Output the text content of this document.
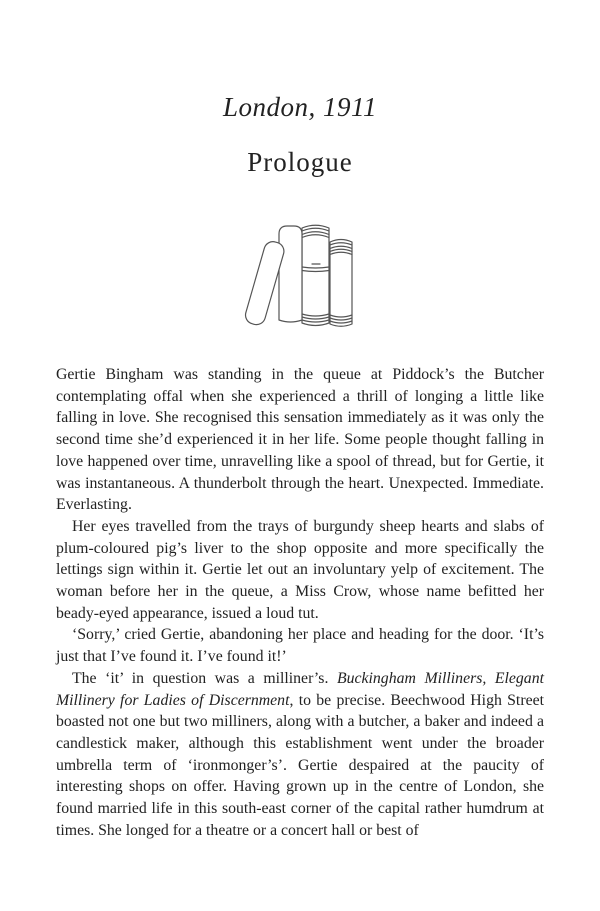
London, 1911
Prologue

Gertie Bingham was standing in the queue at Piddock’s the Butcher contemplating offal when she experienced a thrill of longing a little like falling in love. She recognised this sensation immediately as it was only the second time she’d experienced it in her life. Some people thought falling in love happened over time, unravelling like a spool of thread, but for Gertie, it was instantaneous. A thunderbolt through the heart. Unexpected. Immediate. Everlasting.

Her eyes travelled from the trays of burgundy sheep hearts and slabs of plum-coloured pig’s liver to the shop opposite and more specifically the lettings sign within it. Gertie let out an involuntary yelp of excitement. The woman before her in the queue, a Miss Crow, whose name befitted her beady-eyed appearance, issued a loud tut.

‘Sorry,’ cried Gertie, abandoning her place and heading for the door. ‘It’s just that I’ve found it. I’ve found it!’

The ‘it’ in question was a milliner’s. Buckingham Milliners, Elegant Millinery for Ladies of Discernment, to be precise. Beechwood High Street boasted not one but two milliners, along with a butcher, a baker and indeed a candlestick maker, although this establishment went under the broader umbrella term of ‘ironmonger’s’. Gertie despaired at the paucity of interesting shops on offer. Having grown up in the centre of London, she found married life in this south-east corner of the capital rather humdrum at times. She longed for a theatre or a concert hall or best of
